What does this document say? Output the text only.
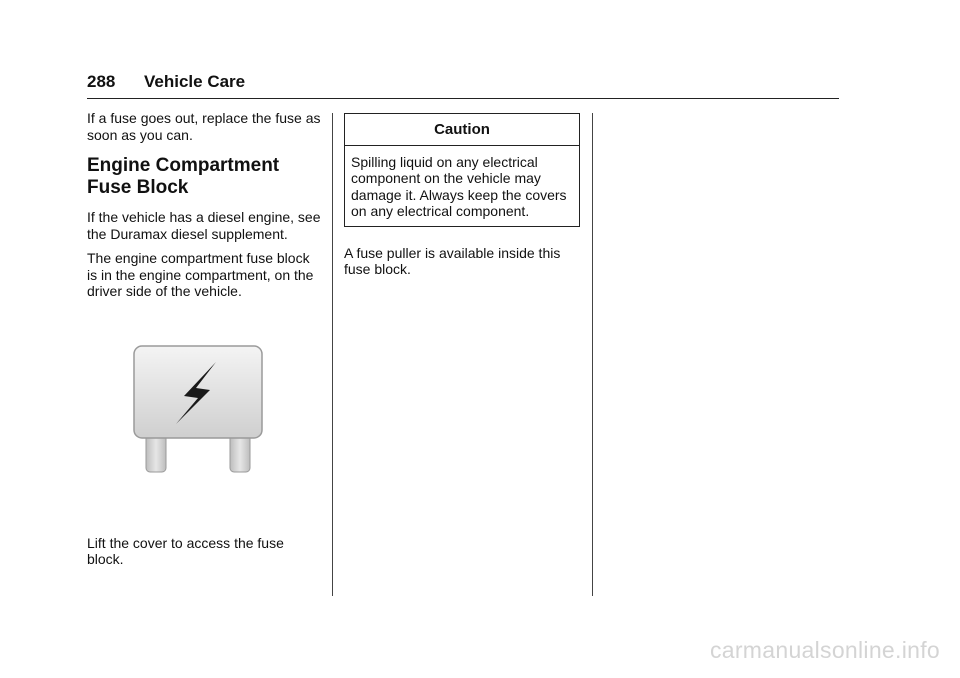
288 Vehicle Care

If a fuse goes out, replace the fuse as soon as you can.

Engine Compartment Fuse Block

If the vehicle has a diesel engine, see the Duramax diesel supplement.

The engine compartment fuse block is in the engine compartment, on the driver side of the vehicle.

Lift the cover to access the fuse block.

Caution
Spilling liquid on any electrical component on the vehicle may damage it. Always keep the covers on any electrical component.

A fuse puller is available inside this fuse block.

carmanualsonline.info
